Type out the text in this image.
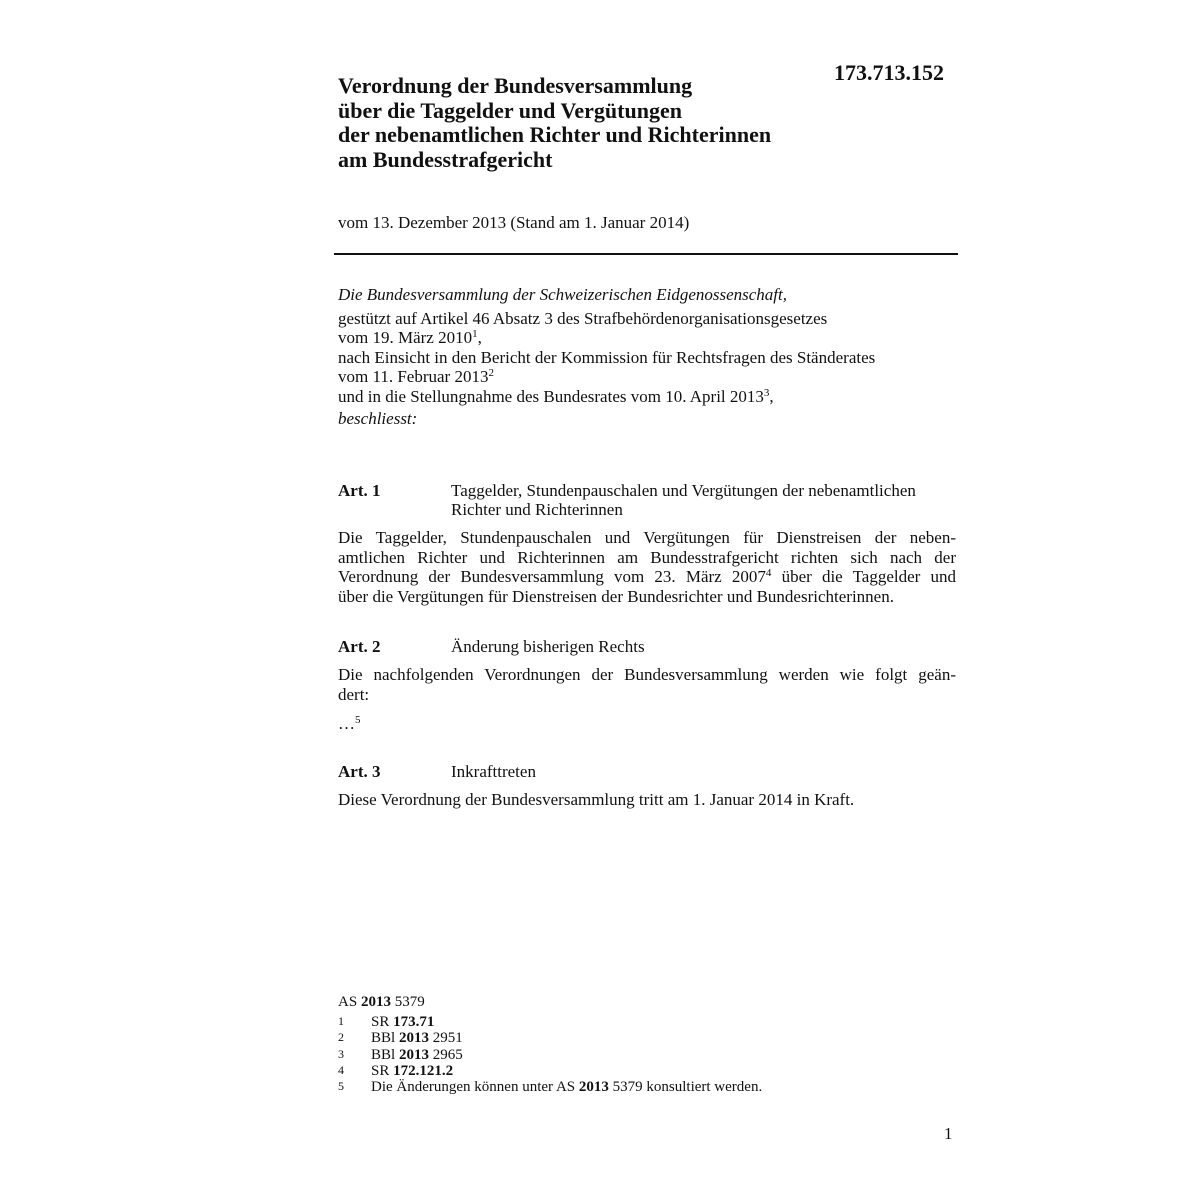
173.713.152
Verordnung der Bundesversammlung
über die Taggelder und Vergütungen
der nebenamtlichen Richter und Richterinnen
am Bundesstrafgericht
vom 13. Dezember 2013 (Stand am 1. Januar 2014)
Die Bundesversammlung der Schweizerischen Eidgenossenschaft,
gestützt auf Artikel 46 Absatz 3 des Strafbehördenorganisationsgesetzes
vom 19. März 2010$^1$,
nach Einsicht in den Bericht der Kommission für Rechtsfragen des Ständerates
vom 11. Februar 2013$^2$
und in die Stellungnahme des Bundesrates vom 10. April 2013$^3$,
beschliesst:
Art. 1	Taggelder, Stundenpauschalen und Vergütungen der nebenamtlichen
Richter und Richterinnen
Die Taggelder, Stundenpauschalen und Vergütungen für Dienstreisen der neben-
amtlichen Richter und Richterinnen am Bundesstrafgericht richten sich nach der
Verordnung der Bundesversammlung vom 23. März 2007$^4$ über die Taggelder und
über die Vergütungen für Dienstreisen der Bundesrichter und Bundesrichterinnen.
Art. 2	Änderung bisherigen Rechts
Die nachfolgenden Verordnungen der Bundesversammlung werden wie folgt geän-
dert:
…$^5$
Art. 3	Inkrafttreten
Diese Verordnung der Bundesversammlung tritt am 1. Januar 2014 in Kraft.
AS 2013 5379
1	SR 173.71
2	BBl 2013 2951
3	BBl 2013 2965
4	SR 172.121.2
5	Die Änderungen können unter AS 2013 5379 konsultiert werden.
1
